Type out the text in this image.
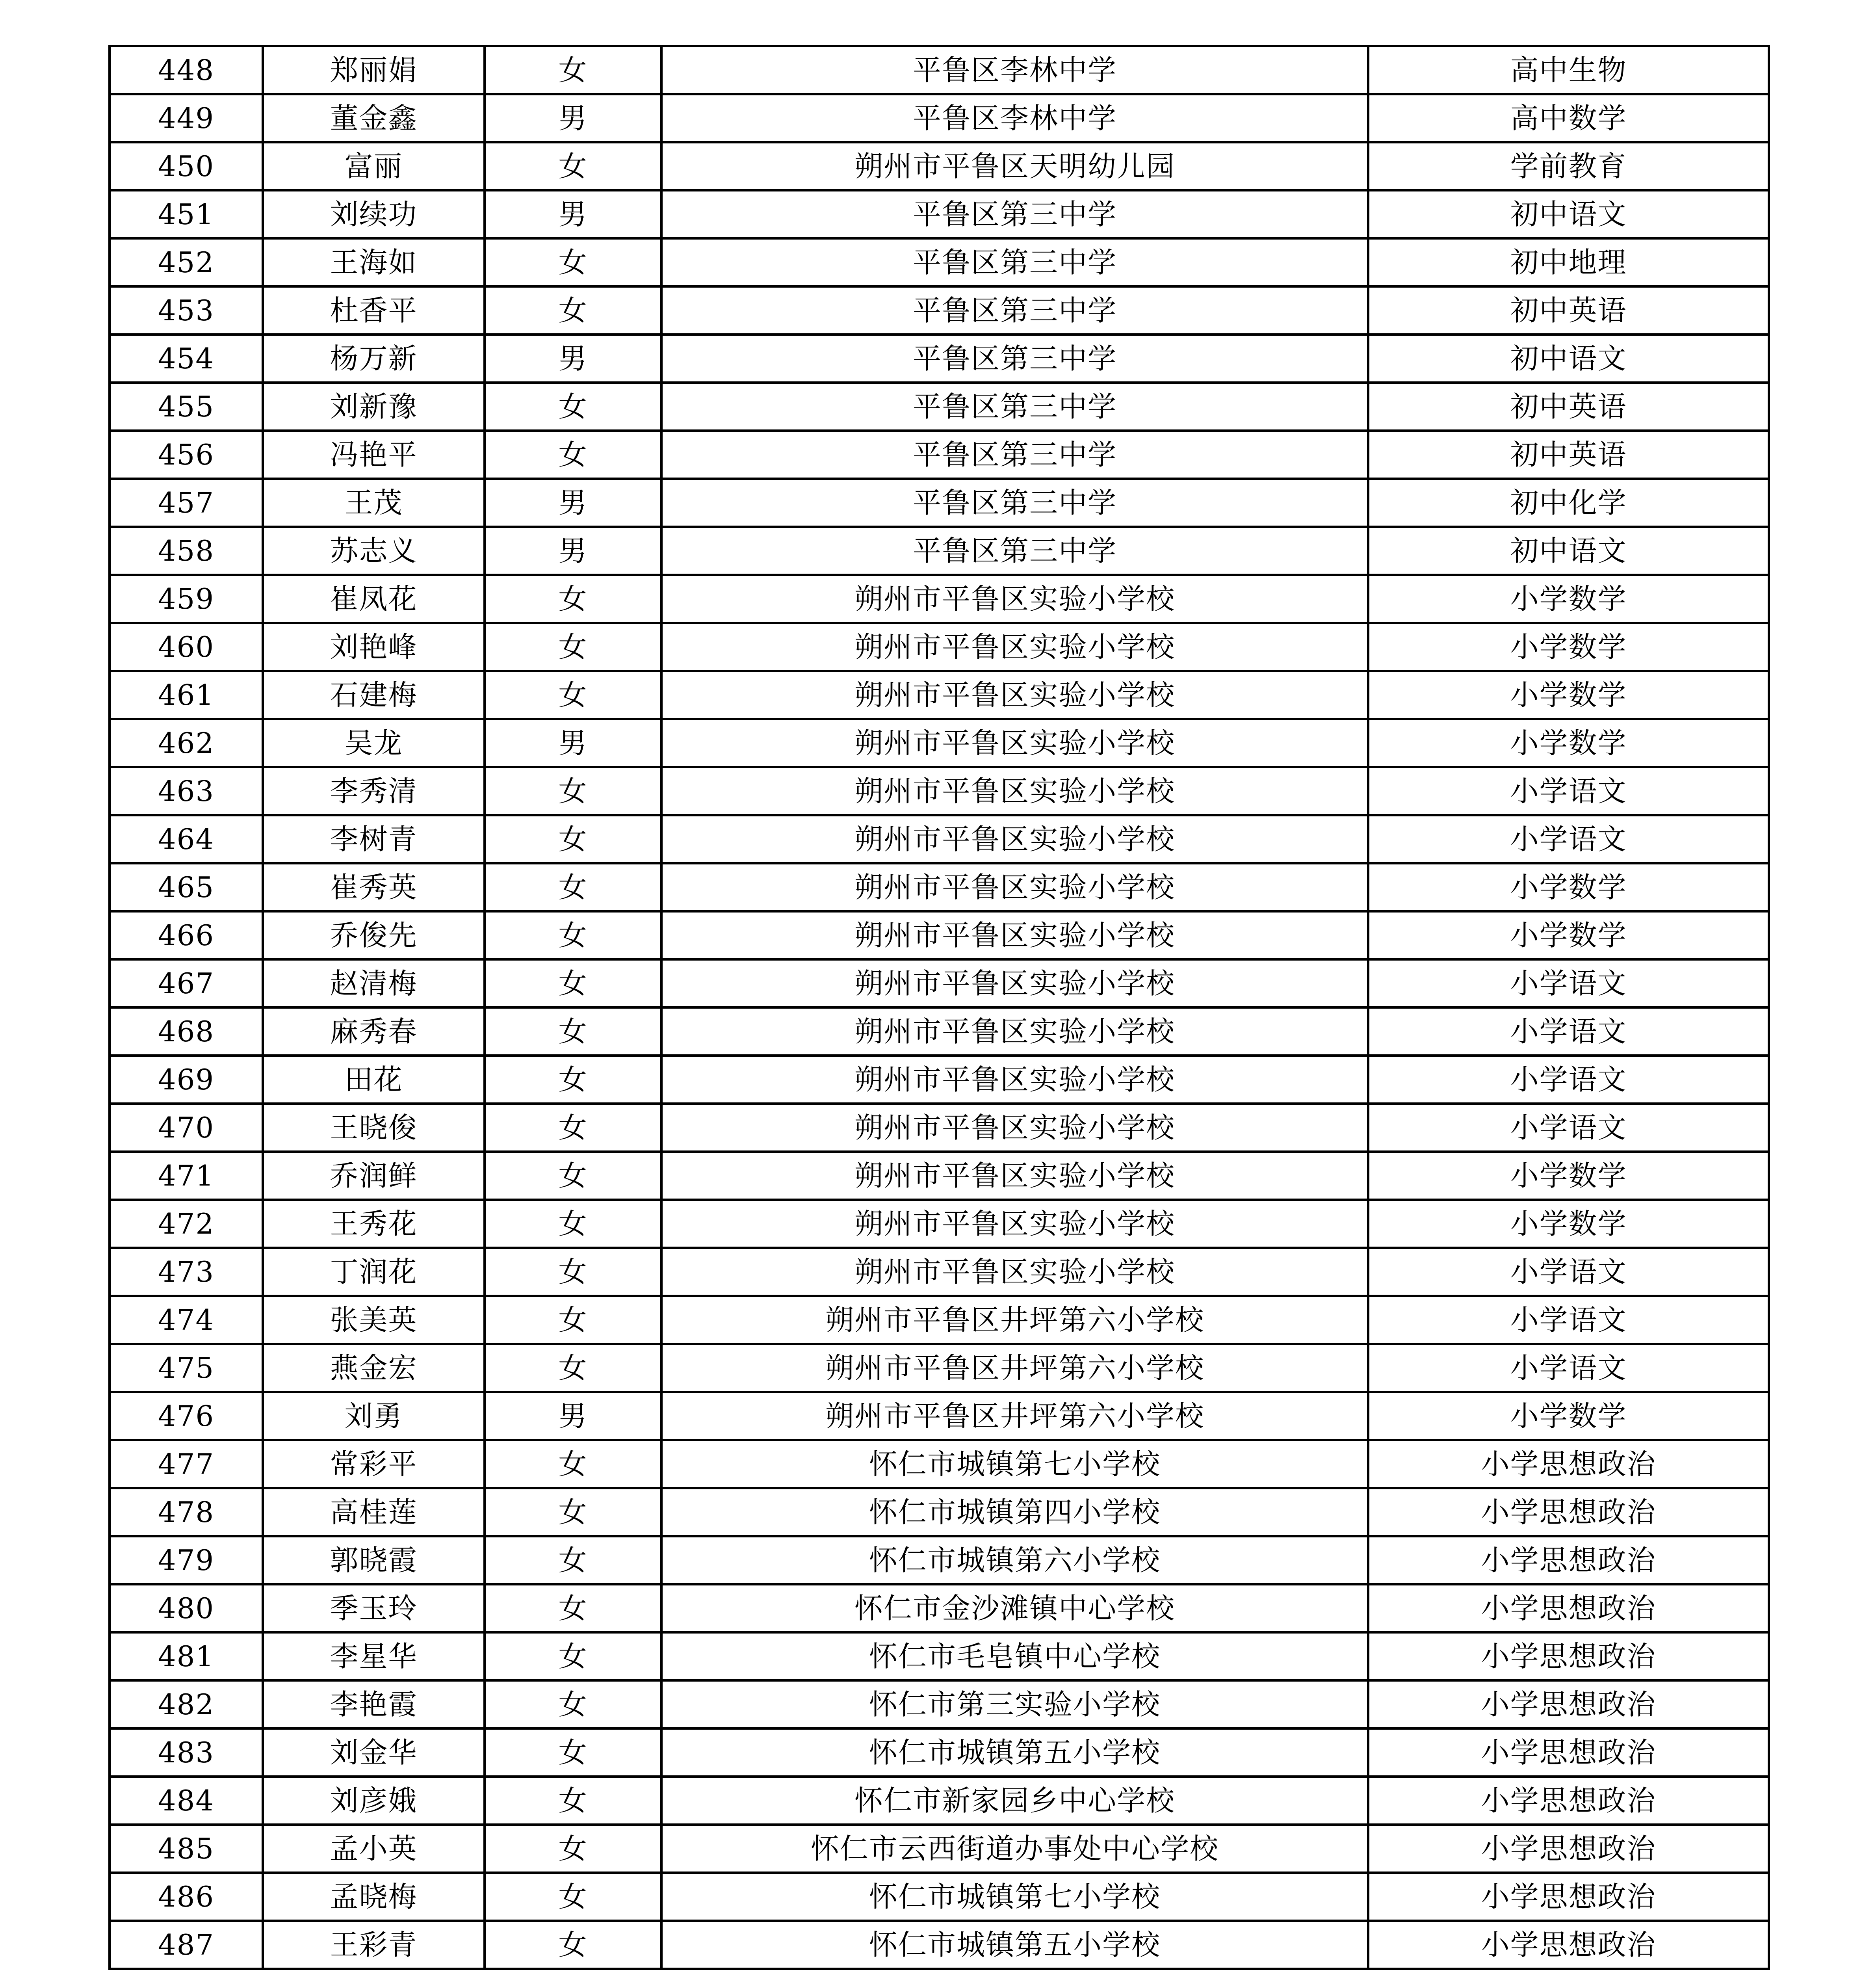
448	郑丽娟	女	平鲁区李林中学	高中生物
449	董金鑫	男	平鲁区李林中学	高中数学
450	富丽	女	朔州市平鲁区天明幼儿园	学前教育
451	刘续功	男	平鲁区第三中学	初中语文
452	王海如	女	平鲁区第三中学	初中地理
453	杜香平	女	平鲁区第三中学	初中英语
454	杨万新	男	平鲁区第三中学	初中语文
455	刘新豫	女	平鲁区第三中学	初中英语
456	冯艳平	女	平鲁区第三中学	初中英语
457	王茂	男	平鲁区第三中学	初中化学
458	苏志义	男	平鲁区第三中学	初中语文
459	崔凤花	女	朔州市平鲁区实验小学校	小学数学
460	刘艳峰	女	朔州市平鲁区实验小学校	小学数学
461	石建梅	女	朔州市平鲁区实验小学校	小学数学
462	吴龙	男	朔州市平鲁区实验小学校	小学数学
463	李秀清	女	朔州市平鲁区实验小学校	小学语文
464	李树青	女	朔州市平鲁区实验小学校	小学语文
465	崔秀英	女	朔州市平鲁区实验小学校	小学数学
466	乔俊先	女	朔州市平鲁区实验小学校	小学数学
467	赵清梅	女	朔州市平鲁区实验小学校	小学语文
468	麻秀春	女	朔州市平鲁区实验小学校	小学语文
469	田花	女	朔州市平鲁区实验小学校	小学语文
470	王晓俊	女	朔州市平鲁区实验小学校	小学语文
471	乔润鲜	女	朔州市平鲁区实验小学校	小学数学
472	王秀花	女	朔州市平鲁区实验小学校	小学数学
473	丁润花	女	朔州市平鲁区实验小学校	小学语文
474	张美英	女	朔州市平鲁区井坪第六小学校	小学语文
475	燕金宏	女	朔州市平鲁区井坪第六小学校	小学语文
476	刘勇	男	朔州市平鲁区井坪第六小学校	小学数学
477	常彩平	女	怀仁市城镇第七小学校	小学思想政治
478	高桂莲	女	怀仁市城镇第四小学校	小学思想政治
479	郭晓霞	女	怀仁市城镇第六小学校	小学思想政治
480	季玉玲	女	怀仁市金沙滩镇中心学校	小学思想政治
481	李星华	女	怀仁市毛皂镇中心学校	小学思想政治
482	李艳霞	女	怀仁市第三实验小学校	小学思想政治
483	刘金华	女	怀仁市城镇第五小学校	小学思想政治
484	刘彦娥	女	怀仁市新家园乡中心学校	小学思想政治
485	孟小英	女	怀仁市云西街道办事处中心学校	小学思想政治
486	孟晓梅	女	怀仁市城镇第七小学校	小学思想政治
487	王彩青	女	怀仁市城镇第五小学校	小学思想政治
